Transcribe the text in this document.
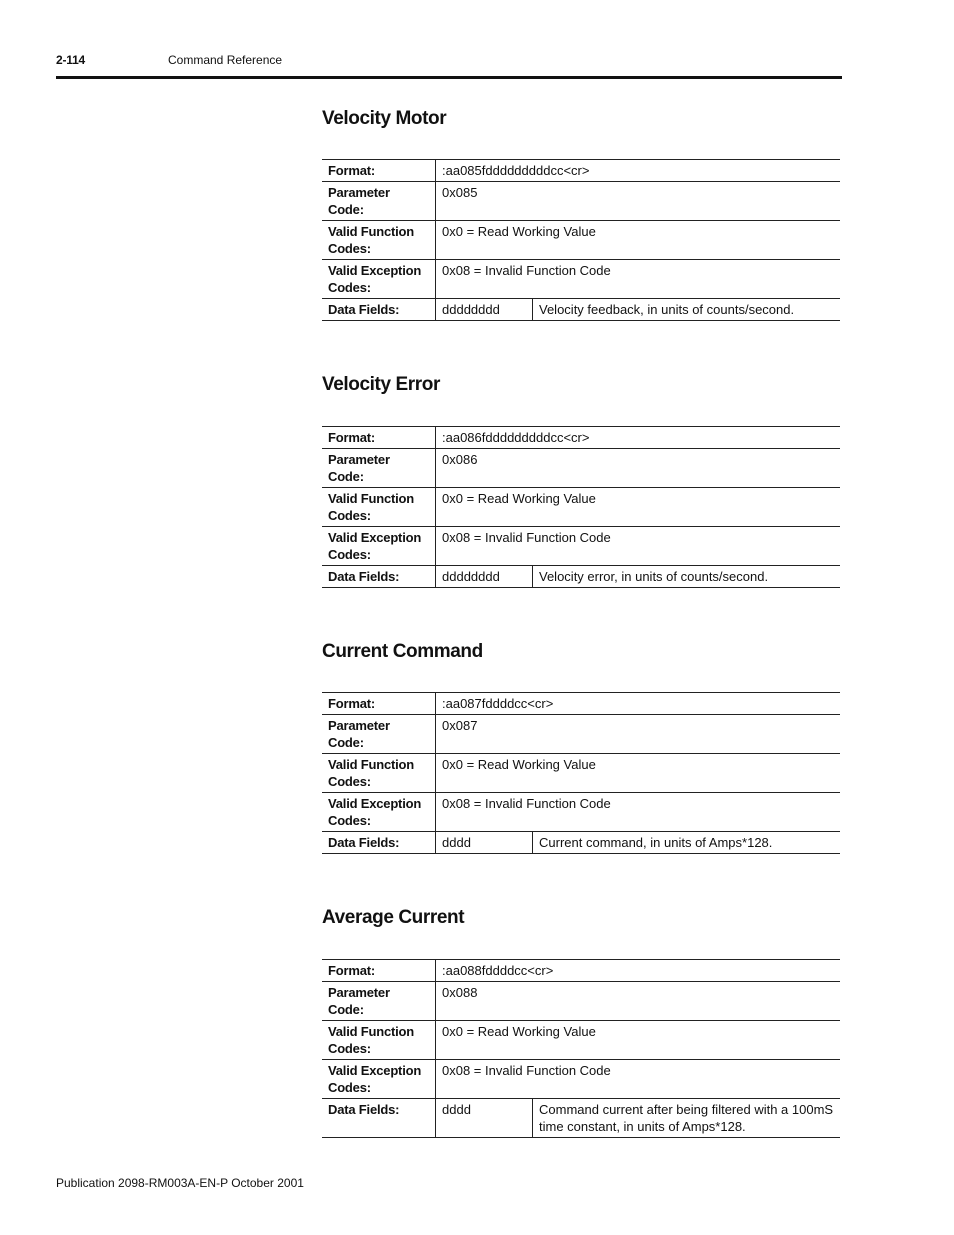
2-114	Command Reference
Velocity Motor
Format:	:aa085fdddddddddcc<cr>	
Parameter Code:	0x085	
Valid Function Codes:	0x0 = Read Working Value	
Valid Exception Codes:	0x08 = Invalid Function Code	
Data Fields:	dddddddd	Velocity feedback, in units of counts/second.
Velocity Error
Format:	:aa086fdddddddddcc<cr>	
Parameter Code:	0x086	
Valid Function Codes:	0x0 = Read Working Value	
Valid Exception Codes:	0x08 = Invalid Function Code	
Data Fields:	dddddddd	Velocity error, in units of counts/second.
Current Command
Format:	:aa087fddddcc<cr>	
Parameter Code:	0x087	
Valid Function Codes:	0x0 = Read Working Value	
Valid Exception Codes:	0x08 = Invalid Function Code	
Data Fields:	dddd	Current command, in units of Amps*128.
Average Current
Format:	:aa088fddddcc<cr>	
Parameter Code:	0x088	
Valid Function Codes:	0x0 = Read Working Value	
Valid Exception Codes:	0x08 = Invalid Function Code	
Data Fields:	dddd	Command current after being filtered with a 100mS time constant, in units of Amps*128.
Publication 2098-RM003A-EN-P October 2001
